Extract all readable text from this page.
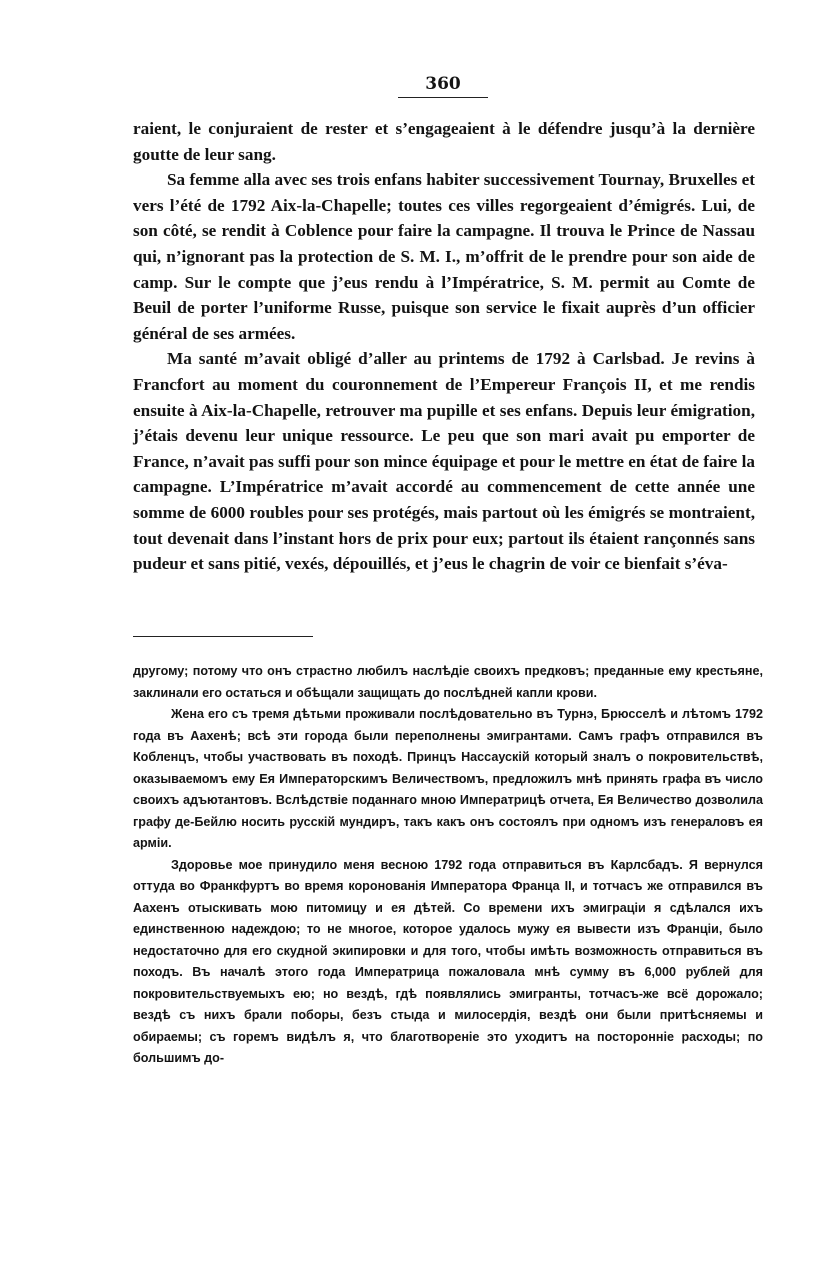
360

raient, le conjuraient de rester et s’engageaient à le défendre jusqu’à la dernière goutte de leur sang.

Sa femme alla avec ses trois enfans habiter successivement Tournay, Bruxelles et vers l’été de 1792 Aix-la-Chapelle; toutes ces villes regorgeaient d’émigrés. Lui, de son côté, se rendit à Coblence pour faire la campagne. Il trouva le Prince de Nassau qui, n’ignorant pas la protection de S. M. I., m’offrit de le prendre pour son aide de camp. Sur le compte que j’eus rendu à l’Impératrice, S. M. permit au Comte de Beuil de porter l’uniforme Russe, puisque son service le fixait auprès d’un officier général de ses armées.

Ma santé m’avait obligé d’aller au printems de 1792 à Carlsbad. Je revins à Francfort au moment du couronnement de l’Empereur François II, et me rendis ensuite à Aix-la-Chapelle, retrouver ma pupille et ses enfans. Depuis leur émigration, j’étais devenu leur unique ressource. Le peu que son mari avait pu emporter de France, n’avait pas suffi pour son mince équipage et pour le mettre en état de faire la campagne. L’Impératrice m’avait accordé au commencement de cette année une somme de 6000 roubles pour ses protégés, mais partout où les émigrés se montraient, tout devenait dans l’instant hors de prix pour eux; partout ils étaient rançonnés sans pudeur et sans pitié, vexés, dépouillés, et j’eus le chagrin de voir ce bienfait s’éva-

другому; потому что онъ страстно любилъ наслѣдіе своихъ предковъ; преданные ему крестьяне, заклинали его остаться и обѣщали защищать до послѣдней капли крови.

Жена его съ тремя дѣтьми проживали послѣдовательно въ Турнэ, Брюсселѣ и лѣтомъ 1792 года въ Аахенѣ; всѣ эти города были переполнены эмигрантами. Самъ графъ отправился въ Кобленцъ, чтобы участвовать въ походѣ. Принцъ Нассаускій который зналъ о покровительствѣ, оказываемомъ ему Ея Императорскимъ Величествомъ, предложилъ мнѣ принять графа въ число своихъ адъютантовъ. Вслѣдствіе поданнаго мною Императрицѣ отчета, Ея Величество дозволила графу де-Бейлю носить русскій мундиръ, такъ какъ онъ состоялъ при одномъ изъ генераловъ ея арміи.

Здоровье мое принудило меня весною 1792 года отправиться въ Карлсбадъ. Я вернулся оттуда во Франкфуртъ во время коронованія Императора Франца II, и тотчасъ же отправился въ Аахенъ отыскивать мою питомицу и ея дѣтей. Со времени ихъ эмиграціи я сдѣлался ихъ единственною надеждою; то не многое, которое удалось мужу ея вывести изъ Франціи, было недостаточно для его скудной экипировки и для того, чтобы имѣть возможность отправиться въ походъ. Въ началѣ этого года Императрица пожаловала мнѣ сумму въ 6,000 рублей для покровительствуемыхъ ею; но вездѣ, гдѣ появлялись эмигранты, тотчасъ-же всё дорожало; вездѣ съ нихъ брали поборы, безъ стыда и милосердія, вездѣ они были притѣсняемы и обираемы; съ горемъ видѣлъ я, что благотвореніе это уходитъ на посторонніе расходы; по большимъ до-
